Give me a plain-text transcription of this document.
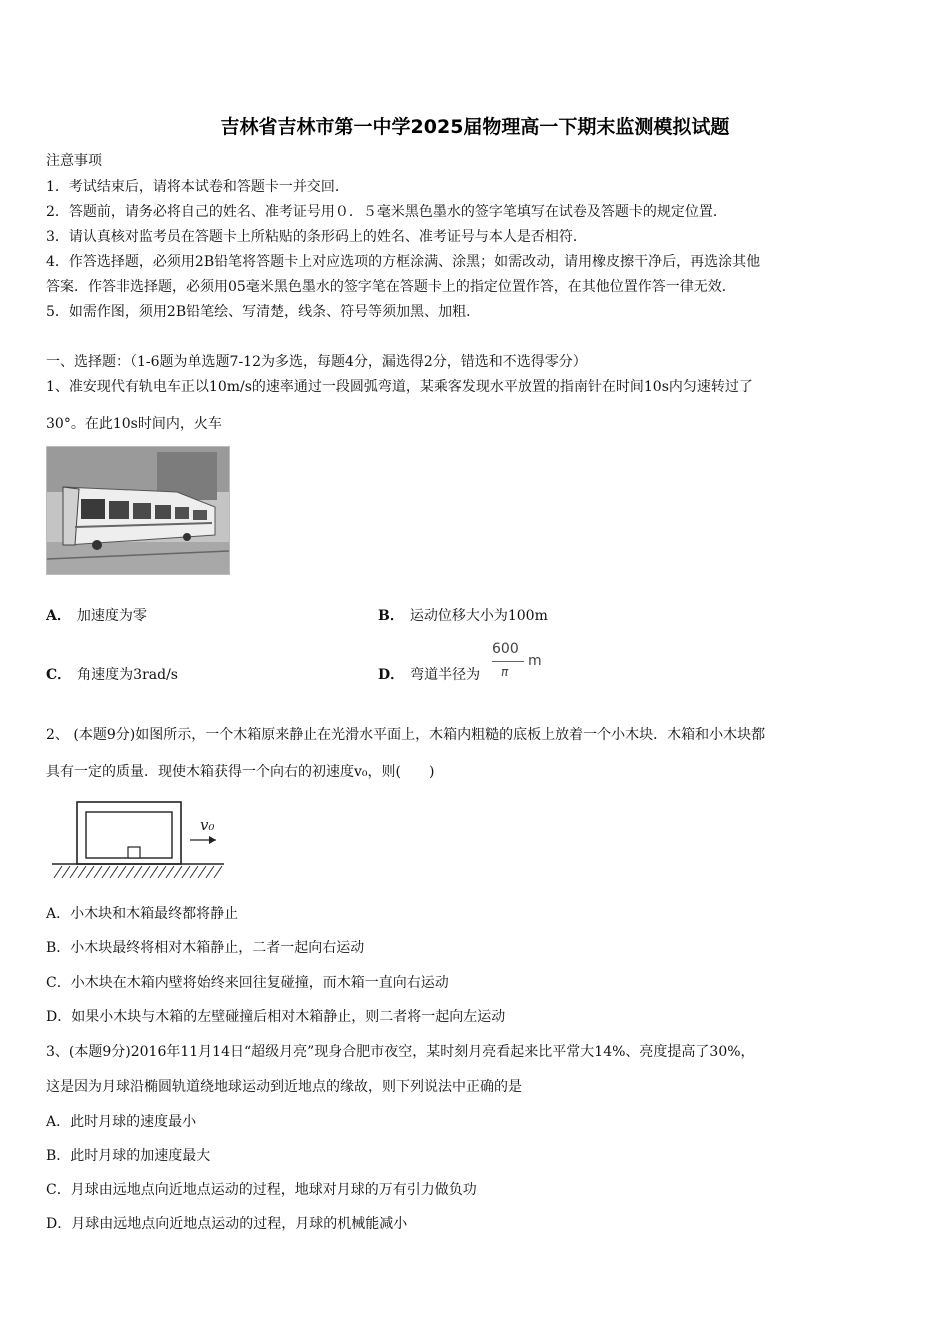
吉林省吉林市第一中学2025届物理高一下期末监测模拟试题
注意事项
1．考试结束后，请将本试卷和答题卡一并交回．
2．答题前，请务必将自己的姓名、准考证号用０．５毫米黑色墨水的签字笔填写在试卷及答题卡的规定位置．
3．请认真核对监考员在答题卡上所粘贴的条形码上的姓名、准考证号与本人是否相符．
4．作答选择题，必须用2B铅笔将答题卡上对应选项的方框涂满、涂黑；如需改动，请用橡皮擦干净后，再选涂其他
答案．作答非选择题，必须用05毫米黑色墨水的签字笔在答题卡上的指定位置作答，在其他位置作答一律无效．
5．如需作图，须用2B铅笔绘、写清楚，线条、符号等须加黑、加粗．
一、选择题：（1-6题为单选题7-12为多选，每题4分，漏选得2分，错选和不选得零分）
1、准安现代有轨电车正以10m/s的速率通过一段圆弧弯道，某乘客发现水平放置的指南针在时间10s内匀速转过了
30°。在此10s时间内，火车
A． 加速度为零	B． 运动位移大小为100m
C． 角速度为3rad/s	D． 弯道半径为
600
π
m
2、 (本题9分)如图所示，一个木箱原来静止在光滑水平面上，木箱内粗糙的底板上放着一个小木块．木箱和小木块都
具有一定的质量．现使木箱获得一个向右的初速度v₀，则(　　)
v₀
A．小木块和木箱最终都将静止
B．小木块最终将相对木箱静止，二者一起向右运动
C．小木块在木箱内壁将始终来回往复碰撞，而木箱一直向右运动
D．如果小木块与木箱的左壁碰撞后相对木箱静止，则二者将一起向左运动
3、(本题9分)2016年11月14日“超级月亮”现身合肥市夜空，某时刻月亮看起来比平常大14%、亮度提高了30%，
这是因为月球沿椭圆轨道绕地球运动到近地点的缘故，则下列说法中正确的是
A．此时月球的速度最小
B．此时月球的加速度最大
C．月球由远地点向近地点运动的过程，地球对月球的万有引力做负功
D．月球由远地点向近地点运动的过程，月球的机械能减小
